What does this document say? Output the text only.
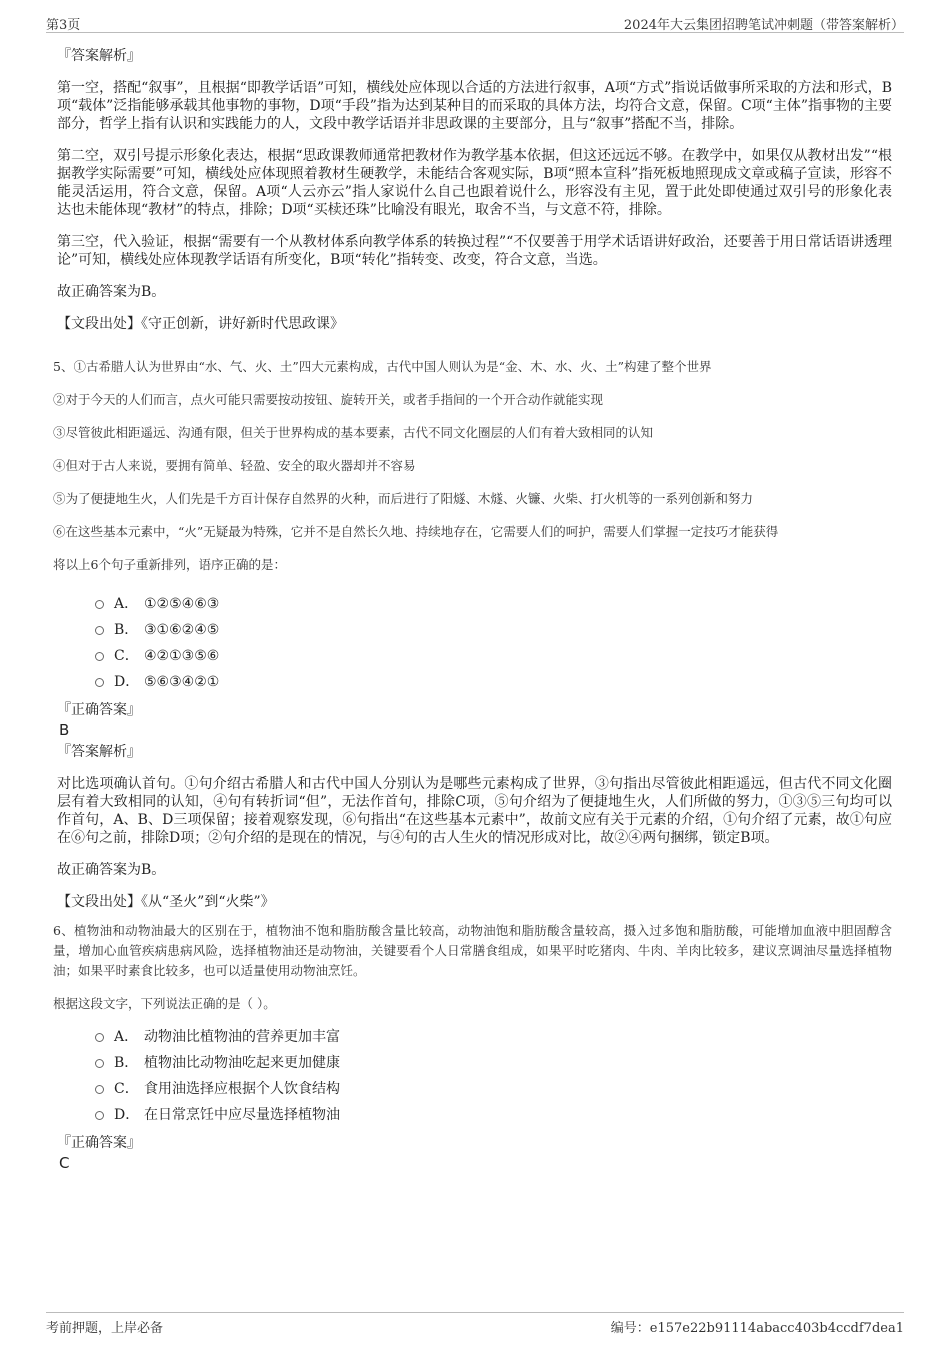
第3页	2024年大云集团招聘笔试冲刺题（带答案解析）

『答案解析』

第一空，搭配“叙事”，且根据“即教学话语”可知，横线处应体现以合适的方法进行叙事，A项“方式”指说话做事所采取的方法和形式，B项“载体”泛指能够承载其他事物的事物，D项“手段”指为达到某种目的而采取的具体方法，均符合文意，保留。C项“主体”指事物的主要部分，哲学上指有认识和实践能力的人，文段中教学话语并非思政课的主要部分，且与“叙事”搭配不当，排除。

第二空，双引号提示形象化表达，根据“思政课教师通常把教材作为教学基本依据，但这还远远不够。在教学中，如果仅从教材出发”“根据教学实际需要”可知，横线处应体现照着教材生硬教学，未能结合客观实际，B项“照本宣科”指死板地照现成文章或稿子宣读，形容不能灵活运用，符合文意，保留。A项“人云亦云”指人家说什么自己也跟着说什么，形容没有主见，置于此处即使通过双引号的形象化表达也未能体现“教材”的特点，排除；D项“买椟还珠”比喻没有眼光，取舍不当，与文意不符，排除。

第三空，代入验证，根据“需要有一个从教材体系向教学体系的转换过程”“不仅要善于用学术话语讲好政治，还要善于用日常话语讲透理论”可知，横线处应体现教学话语有所变化，B项“转化”指转变、改变，符合文意，当选。

故正确答案为B。

【文段出处】《守正创新，讲好新时代思政课》

5、①古希腊人认为世界由“水、气、火、土”四大元素构成，古代中国人则认为是“金、木、水、火、土”构建了整个世界

②对于今天的人们而言，点火可能只需要按动按钮、旋转开关，或者手指间的一个开合动作就能实现

③尽管彼此相距遥远、沟通有限，但关于世界构成的基本要素，古代不同文化圈层的人们有着大致相同的认知

④但对于古人来说，要拥有简单、轻盈、安全的取火器却并不容易

⑤为了便捷地生火，人们先是千方百计保存自然界的火种，而后进行了阳燧、木燧、火镰、火柴、打火机等的一系列创新和努力

⑥在这些基本元素中，“火”无疑最为特殊，它并不是自然长久地、持续地存在，它需要人们的呵护，需要人们掌握一定技巧才能获得

将以上6个句子重新排列，语序正确的是：

A． ①②⑤④⑥③
B． ③①⑥②④⑤
C． ④②①③⑤⑥
D． ⑤⑥③④②①

『正确答案』

B

『答案解析』

对比选项确认首句。①句介绍古希腊人和古代中国人分别认为是哪些元素构成了世界，③句指出尽管彼此相距遥远，但古代不同文化圈层有着大致相同的认知，④句有转折词“但”，无法作首句，排除C项，⑤句介绍为了便捷地生火，人们所做的努力，①③⑤三句均可以作首句，A、B、D三项保留；接着观察发现，⑥句指出“在这些基本元素中”，故前文应有关于元素的介绍，①句介绍了元素，故①句应在⑥句之前，排除D项；②句介绍的是现在的情况，与④句的古人生火的情况形成对比，故②④两句捆绑，锁定B项。

故正确答案为B。

【文段出处】《从“圣火”到“火柴”》

6、植物油和动物油最大的区别在于，植物油不饱和脂肪酸含量比较高，动物油饱和脂肪酸含量较高，摄入过多饱和脂肪酸，可能增加血液中胆固醇含量，增加心血管疾病患病风险，选择植物油还是动物油，关键要看个人日常膳食组成，如果平时吃猪肉、牛肉、羊肉比较多，建议烹调油尽量选择植物油；如果平时素食比较多，也可以适量使用动物油烹饪。

根据这段文字，下列说法正确的是（ ）。

A． 动物油比植物油的营养更加丰富
B． 植物油比动物油吃起来更加健康
C． 食用油选择应根据个人饮食结构
D． 在日常烹饪中应尽量选择植物油

『正确答案』

C

考前押题，上岸必备	编号：e157e22b91114abacc403b4ccdf7dea1
